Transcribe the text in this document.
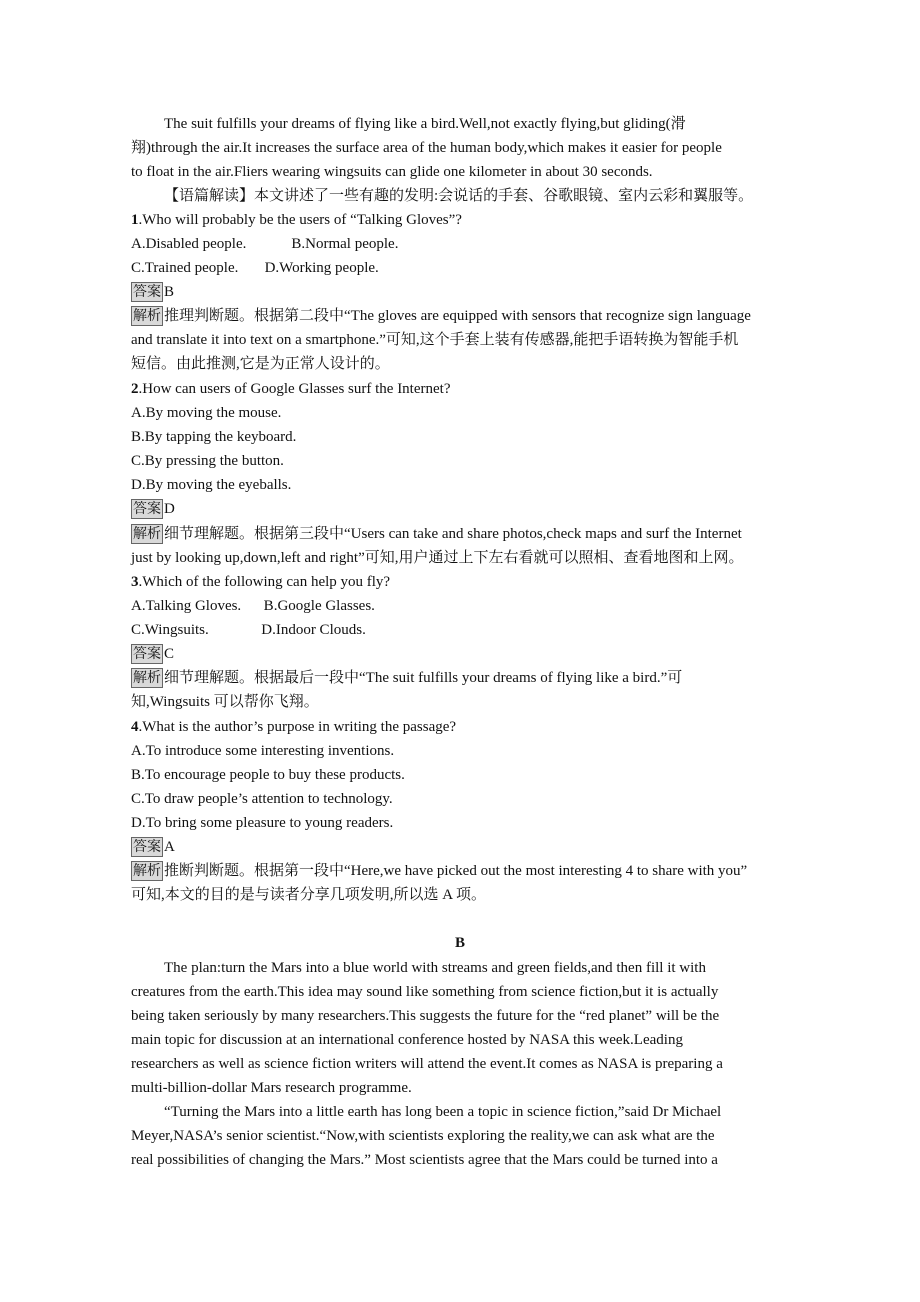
The suit fulfills your dreams of flying like a bird.Well,not exactly flying,but gliding(滑
翔)through the air.It increases the surface area of the human body,which makes it easier for people
to float in the air.Fliers wearing wingsuits can glide one kilometer in about 30 seconds.
【语篇解读】本文讲述了一些有趣的发明:会说话的手套、谷歌眼镜、室内云彩和翼服等。
1.Who will probably be the users of “Talking Gloves”?
A.Disabled people.            B.Normal people.
C.Trained people.       D.Working people.
答案 B
解析 推理判断题。根据第二段中“The gloves are equipped with sensors that recognize sign language
and translate it into text on a smartphone.”可知,这个手套上装有传感器,能把手语转换为智能手机
短信。由此推测,它是为正常人设计的。
2.How can users of Google Glasses surf the Internet?
A.By moving the mouse.
B.By tapping the keyboard.
C.By pressing the button.
D.By moving the eyeballs.
答案 D
解析 细节理解题。根据第三段中“Users can take and share photos,check maps and surf the Internet
just by looking up,down,left and right”可知,用户通过上下左右看就可以照相、查看地图和上网。
3.Which of the following can help you fly?
A.Talking Gloves.      B.Google Glasses.
C.Wingsuits.              D.Indoor Clouds.
答案 C
解析 细节理解题。根据最后一段中“The suit fulfills your dreams of flying like a bird.”可
知,Wingsuits 可以帮你飞翔。
4.What is the author’s purpose in writing the passage?
A.To introduce some interesting inventions.
B.To encourage people to buy these products.
C.To draw people’s attention to technology.
D.To bring some pleasure to young readers.
答案 A
解析 推断判断题。根据第一段中“Here,we have picked out the most interesting 4 to share with you”
可知,本文的目的是与读者分享几项发明,所以选 A 项。
B
The plan:turn the Mars into a blue world with streams and green fields,and then fill it with
creatures from the earth.This idea may sound like something from science fiction,but it is actually
being taken seriously by many researchers.This suggests the future for the “red planet” will be the
main topic for discussion at an international conference hosted by NASA this week.Leading
researchers as well as science fiction writers will attend the event.It comes as NASA is preparing a
multi-billion-dollar Mars research programme.
“Turning the Mars into a little earth has long been a topic in science fiction,”said Dr Michael
Meyer,NASA’s senior scientist.“Now,with scientists exploring the reality,we can ask what are the
real possibilities of changing the Mars.” Most scientists agree that the Mars could be turned into a
